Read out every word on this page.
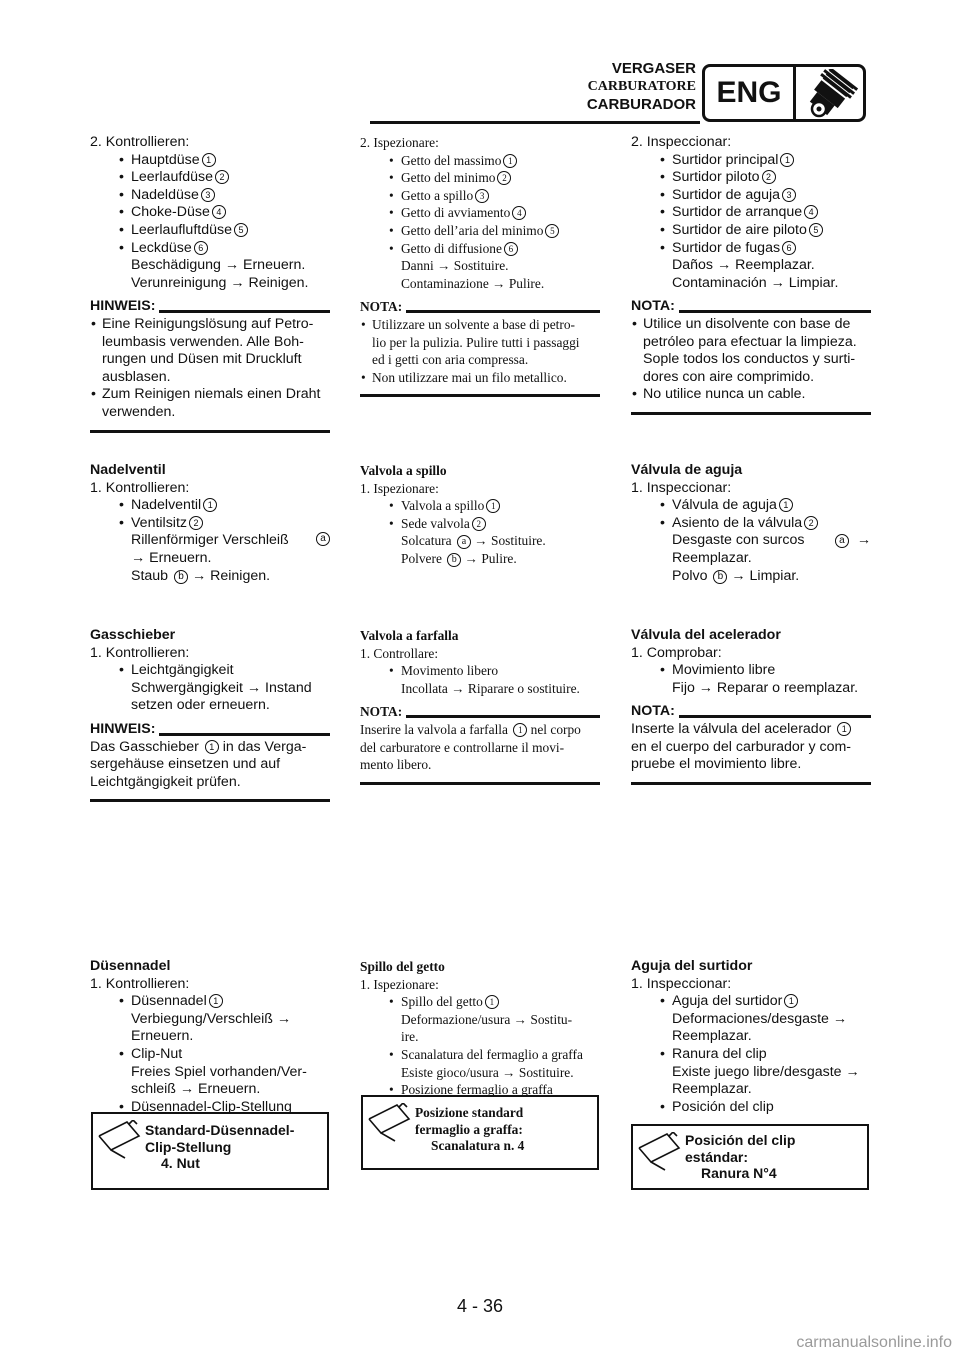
VERGASER
CARBURATORE
CARBURADOR ENG
2. Kontrollieren:
• Hauptdüse 1
• Leerlaufdüse 2
• Nadeldüse 3
• Choke-Düse 4
• Leerlaufluftdüse 5
• Leckdüse 6
Beschädigung → Erneuern.
Verunreinigung → Reinigen.
HINWEIS:
• Eine Reinigungslösung auf Petro-
leumbasis verwenden. Alle Boh-
rungen und Düsen mit Druckluft
ausblasen.
• Zum Reinigen niemals einen Draht
verwenden.
Nadelventil
1. Kontrollieren:
• Nadelventil 1
• Ventilsitz 2
Rillenförmiger Verschleiß	a
→ Erneuern.
Staub b → Reinigen.
Gasschieber
1. Kontrollieren:
• Leichtgängigkeit
Schwergängigkeit → Instand
setzen oder erneuern.
HINWEIS:
Das Gasschieber 1 in das Verga-
sergehäuse einsetzen und auf
Leichtgängigkeit prüfen.
Düsennadel
1. Kontrollieren:
• Düsennadel 1
Verbiegung/Verschleiß →
Erneuern.
• Clip-Nut
Freies Spiel vorhanden/Ver-
schleiß → Erneuern.
• Düsennadel-Clip-Stellung
Standard-Düsennadel-
Clip-Stellung

4. Nut
2. Ispezionare:
• Getto del massimo 1
• Getto del minimo 2
• Getto a spillo 3
• Getto di avviamento 4
• Getto dell’aria del minimo 5
• Getto di diffusione 6
Danni → Sostituire.
Contaminazione → Pulire.
NOTA:
• Utilizzare un solvente a base di petro-
lio per la pulizia. Pulire tutti i passaggi
ed i getti con aria compressa.
• Non utilizzare mai un filo metallico.
Valvola a spillo
1. Ispezionare:
• Valvola a spillo 1
• Sede valvola 2
Solcatura a → Sostituire.
Polvere b → Pulire.
Valvola a farfalla
1. Controllare:
• Movimento libero
Incollata → Riparare o sostituire.
NOTA:
Inserire la valvola a farfalla 1 nel corpo
del carburatore e controllarne il movi-
mento libero.
Spillo del getto
1. Ispezionare:
• Spillo del getto 1
Deformazione/usura → Sostitu-
ire.
• Scanalatura del fermaglio a graffa
Esiste gioco/usura → Sostituire.
• Posizione fermaglio a graffa
Posizione standard
fermaglio a graffa:

Scanalatura n. 4
2. Inspeccionar:
• Surtidor principal 1
• Surtidor piloto 2
• Surtidor de aguja 3
• Surtidor de arranque 4
• Surtidor de aire piloto 5
• Surtidor de fugas 6
Daños → Reemplazar.
Contaminación → Limpiar.
NOTA:
• Utilice un disolvente con base de
petróleo para efectuar la limpieza.
Sople todos los conductos y surti-
dores con aire comprimido.
• No utilice nunca un cable.
Válvula de aguja
1. Inspeccionar:
• Válvula de aguja 1
• Asiento de la válvula 2
Desgaste con surcos	a →
Reemplazar.
Polvo b → Limpiar.
Válvula del acelerador
1. Comprobar:
• Movimiento libre
Fijo → Reparar o reemplazar.
NOTA:
Inserte la válvula del acelerador 1
en el cuerpo del carburador y com-
pruebe el movimiento libre.
Aguja del surtidor
1. Inspeccionar:
• Aguja del surtidor 1
Deformaciones/desgaste →
Reemplazar.
• Ranura del clip
Existe juego libre/desgaste →
Reemplazar.
• Posición del clip
Posición del clip
estándar:

Ranura N°4
4 - 36
carmanualsonline.info
